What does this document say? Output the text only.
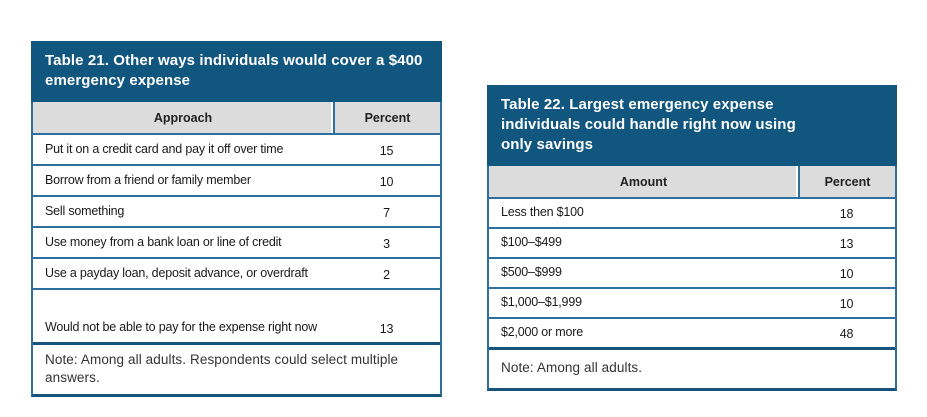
Table 21. Other ways individuals would cover a $400 emergency expense
Approach	Percent
Put it on a credit card and pay it off over time	15
Borrow from a friend or family member	10
Sell something	7
Use money from a bank loan or line of credit	3
Use a payday loan, deposit advance, or overdraft	2
Would not be able to pay for the expense right now	13
Note: Among all adults. Respondents could select multiple answers.
Table 22. Largest emergency expense individuals could handle right now using only savings
Amount	Percent
Less then $100	18
$100–$499	13
$500–$999	10
$1,000–$1,999	10
$2,000 or more	48
Note: Among all adults.
